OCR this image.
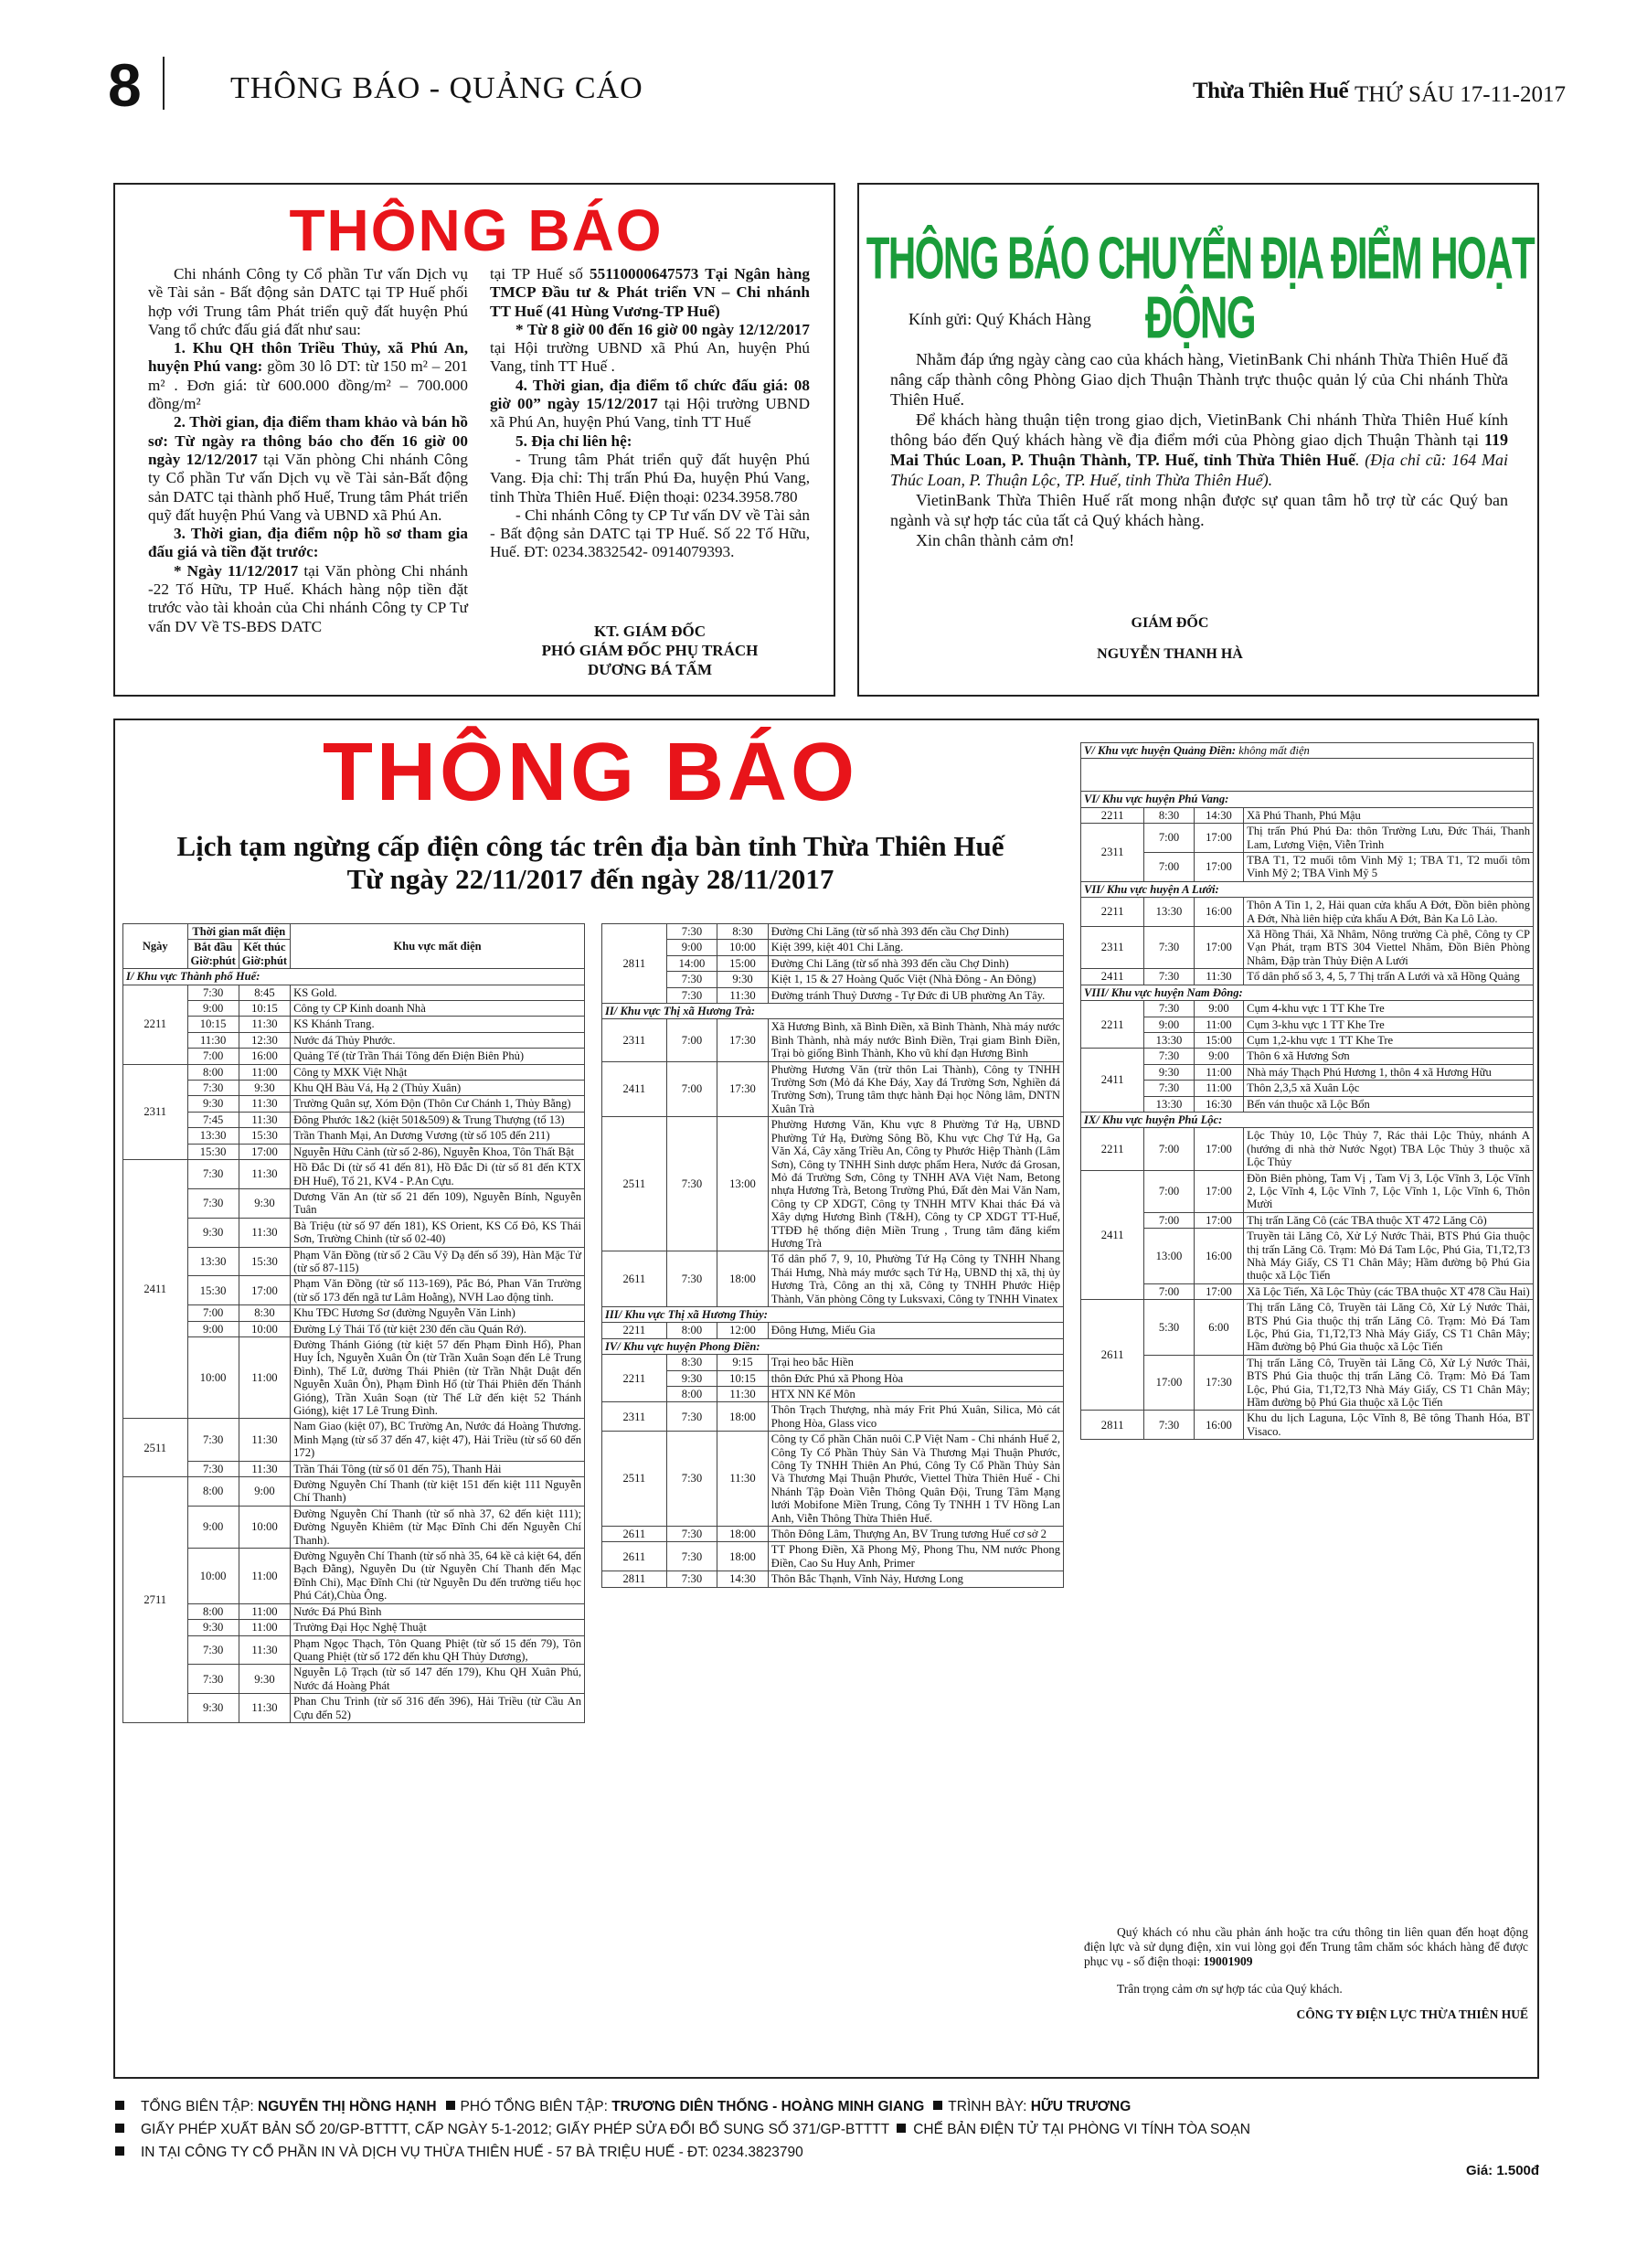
8	THÔNG BÁO - QUẢNG CÁO	Thừa Thiên Huế THỨ SÁU 17-11-2017
THÔNG BÁO

Chi nhánh Công ty Cổ phần Tư vấn Dịch vụ về Tài sản - Bất động sản DATC tại TP Huế phối hợp với Trung tâm Phát triển quỹ đất huyện Phú Vang tổ chức đấu giá đất như sau:

1. Khu QH thôn Triều Thủy, xã Phú An, huyện Phú vang: gồm 30 lô DT: từ 150 m² – 201 m² . Đơn giá: từ 600.000 đồng/m² – 700.000 đồng/m²

2. Thời gian, địa điểm tham khảo và bán hồ sơ: Từ ngày ra thông báo cho đến 16 giờ 00 ngày 12/12/2017 tại Văn phòng Chi nhánh Công ty Cổ phần Tư vấn Dịch vụ về Tài sản-Bất động sản DATC tại thành phố Huế, Trung tâm Phát triển quỹ đất huyện Phú Vang và UBND xã Phú An.

3. Thời gian, địa điểm nộp hồ sơ tham gia đấu giá và tiền đặt trước:

* Ngày 11/12/2017 tại Văn phòng Chi nhánh -22 Tố Hữu, TP Huế. Khách hàng nộp tiền đặt trước vào tài khoản của Chi nhánh Công ty CP Tư vấn DV Về TS-BĐS DATC

tại TP Huế số 55110000647573 Tại Ngân hàng TMCP Đầu tư & Phát triển VN – Chi nhánh TT Huế (41 Hùng Vương-TP Huế)

* Từ 8 giờ 00 đến 16 giờ 00 ngày 12/12/2017 tại Hội trường UBND xã Phú An, huyện Phú Vang, tỉnh TT Huế .

4. Thời gian, địa điểm tổ chức đấu giá: 08 giờ 00” ngày 15/12/2017 tại Hội trường UBND xã Phú An, huyện Phú Vang, tỉnh TT Huế

5. Địa chỉ liên hệ:

- Trung tâm Phát triển quỹ đất huyện Phú Vang. Địa chỉ: Thị trấn Phú Đa, huyện Phú Vang, tỉnh Thừa Thiên Huế. Điện thoại: 0234.3958.780

- Chi nhánh Công ty CP Tư vấn DV về Tài sản - Bất động sản DATC tại TP Huế. Số 22 Tố Hữu, Huế. ĐT: 0234.3832542- 0914079393.

KT. GIÁM ĐỐC
PHÓ GIÁM ĐỐC PHỤ TRÁCH
DƯƠNG BÁ TẤM
THÔNG BÁO CHUYỂN ĐỊA ĐIỂM HOẠT ĐỘNG
Kính gửi: Quý Khách Hàng

Nhằm đáp ứng ngày càng cao của khách hàng, VietinBank Chi nhánh Thừa Thiên Huế đã nâng cấp thành công Phòng Giao dịch Thuận Thành trực thuộc quản lý của Chi nhánh Thừa Thiên Huế.

Để khách hàng thuận tiện trong giao dịch, VietinBank Chi nhánh Thừa Thiên Huế kính thông báo đến Quý khách hàng về địa điểm mới của Phòng giao dịch Thuận Thành tại 119 Mai Thúc Loan, P. Thuận Thành, TP. Huế, tỉnh Thừa Thiên Huế. (Địa chỉ cũ: 164 Mai Thúc Loan, P. Thuận Lộc, TP. Huế, tỉnh Thừa Thiên Huế).

VietinBank Thừa Thiên Huế rất mong nhận được sự quan tâm hỗ trợ từ các Quý ban ngành và sự hợp tác của tất cả Quý khách hàng.

Xin chân thành cảm ơn!

GIÁM ĐỐC
NGUYỄN THANH HÀ
THÔNG BÁO
Lịch tạm ngừng cấp điện công tác trên địa bàn tỉnh Thừa Thiên Huế
Từ ngày 22/11/2017 đến ngày 28/11/2017
Ngày	Thời gian mất điện		Khu vực mất điện
	Bắt đầu Giờ:phút	Kết thúc Giờ:phút	
I/ Khu vực Thành phố Huế:			
2211	7:30	8:45	KS Gold.
	9:00	10:15	Công ty CP Kinh doanh Nhà
	10:15	11:30	KS Khánh Trang.
	11:30	12:30	Nước đá Thủy Phước.
	7:00	16:00	Quảng Tế (từ Trần Thái Tông đến Điện Biên Phủ)
2311	8:00	11:00	Công ty MXK Việt Nhật
	7:30	9:30	Khu QH Bàu Vá, Hạ 2 (Thủy Xuân)
	9:30	11:30	Trường Quân sự, Xóm Độn (Thôn Cư Chánh 1, Thủy Bằng)
	7:45	11:30	Đông Phước 1&2 (kiệt 501&509) & Trung Thượng (tổ 13)
	13:30	15:30	Trần Thanh Mại, An Dương Vương (từ số 105 đến 211)
	15:30	17:00	Nguyễn Hữu Cảnh (từ số 2-86), Nguyễn Khoa, Tôn Thất Bật
2411	7:30	11:30	Hồ Đắc Di (từ số 41 đến 81), Hồ Đắc Di (từ số 81 đến KTX ĐH Huế), Tổ 21, KV4 - P.An Cựu.
	7:30	9:30	Dương Văn An (từ số 21 đến 109), Nguyễn Bính, Nguyễn Tuân
	9:30	11:30	Bà Triệu (từ số 97 đến 181), KS Orient, KS Cố Đô, KS Thái Sơn, Trường Chinh (từ số 02-40)
	13:30	15:30	Phạm Văn Đồng (từ số 2 Cầu Vỹ Dạ đến số 39), Hàn Mặc Tử (từ số 87-115)
	15:30	17:00	Phạm Văn Đồng (từ số 113-169), Pắc Bó, Phan Văn Trường (từ số 173 đến ngã tư Lâm Hoằng), NVH Lao động tỉnh.
	7:00	8:30	Khu TĐC Hương Sơ (đường Nguyễn Văn Linh)
	9:00	10:00	Đường Lý Thái Tổ (từ kiệt 230 đến cầu Quán Rớ).
	10:00	11:00	Đường Thánh Gióng (từ kiệt 57 đến Phạm Đình Hổ), Phan Huy Ích, Nguyễn Xuân Ôn (từ Trần Xuân Soạn đến Lê Trung Đình), Thế Lữ, đường Thái Phiên (từ Trần Nhật Duật đến Nguyễn Xuân Ôn), Phạm Đình Hổ (từ Thái Phiên đến Thánh Gióng), Trần Xuân Soạn (từ Thế Lữ đến kiệt 52 Thánh Gióng), kiệt 17 Lê Trung Đình.
2511	7:30	11:30	Nam Giao (kiệt 07), BC Trường An, Nước đá Hoàng Thương. Minh Mạng (từ số 37 đến 47, kiệt 47), Hải Triều (từ số 60 đến 172)
	7:30	11:30	Trần Thái Tông (từ số 01 đến 75), Thanh Hải
2711	8:00	9:00	Đường Nguyễn Chí Thanh (từ kiệt 151 đến kiệt 111 Nguyễn Chí Thanh)
	9:00	10:00	Đường Nguyễn Chí Thanh (từ số nhà 37, 62 đến kiệt 111); Đường Nguyễn Khiêm (từ Mạc Đĩnh Chi đến Nguyễn Chí Thanh).
	10:00	11:00	Đường Nguyễn Chí Thanh (từ số nhà 35, 64 kề cả kiệt 64, đến Bạch Đằng), Nguyễn Du (từ Nguyễn Chí Thanh đến Mạc Đĩnh Chi), Mạc Đĩnh Chi (từ Nguyễn Du đến trường tiểu học Phú Cát),Chùa Ông.
	8:00	11:00	Nước Đá Phú Bình
	9:30	11:00	Trường Đại Học Nghệ Thuật
	7:30	11:30	Phạm Ngọc Thạch, Tôn Quang Phiệt (từ số 15 đến 79), Tôn Quang Phiệt (từ số 172 đến khu QH Thủy Dương),
	7:30	9:30	Nguyễn Lộ Trạch (từ số 147 đến 179), Khu QH Xuân Phú, Nước đá Hoàng Phát
	9:30	11:30	Phan Chu Trinh (từ số 316 đến 396), Hải Triều (từ Cầu An Cựu đến 52)
2811	7:30	8:30	Đường Chi Lăng (từ số nhà 393 đến cầu Chợ Dinh)
	9:00	10:00	Kiệt 399, kiệt 401 Chi Lăng.
	14:00	15:00	Đường Chi Lăng (từ số nhà 393 đến cầu Chợ Dinh)
	7:30	9:30	Kiệt 1, 15 & 27 Hoàng Quốc Việt (Nhà Đông - An Đông)
	7:30	11:30	Đường tránh Thuỷ Dương - Tự Đức đi UB phường An Tây.
II/ Khu vực Thị xã Hương Trà:			
2311	7:00	17:30	Xã Hương Bình, xã Bình Điền, xã Bình Thành, Nhà máy nước Bình Thành, nhà máy nước Bình Điền, Trại giam Bình Điền, Trại bò giống Bình Thành, Kho vũ khí đạn Hương Bình
2411	7:00	17:30	Phường Hương Văn (trừ thôn Lai Thành), Công ty TNHH Trường Sơn (Mỏ đá Khe Đáy, Xay đá Trường Sơn, Nghiền đá Trường Sơn), Trung tâm thực hành Đại học Nông lâm, DNTN Xuân Trà
2511	7:30	13:00	Phường Hương Văn, Khu vực 8 Phường Tứ Hạ, UBND Phường Tứ Hạ, Đường Sông Bồ, Khu vực Chợ Tứ Hạ, Ga Văn Xá, Cây xăng Triều An, Công ty Phước Hiệp Thành (Lâm Sơn), Công ty TNHH Sinh dược phẩm Hera, Nước đá Grosan, Mỏ đá Trường Sơn, Công ty TNHH AVA Việt Nam, Betong nhựa Hương Trà, Betong Trường Phú, Đất đèn Mai Văn Nam, Công ty CP XDGT, Công ty TNHH MTV Khai thác Đá và Xây dựng Hương Bình (T&H), Công ty CP XDGT TT-Huế, TTĐĐ hệ thống điện Miền Trung , Trung tâm đăng kiểm Hương Trà
2611	7:30	18:00	Tổ dân phố 7, 9, 10, Phường Tứ Hạ Công ty TNHH Nhang Thái Hưng, Nhà máy mước sạch Tứ Hạ, UBND thị xã, thị ủy Hương Trà, Công an thị xã, Công ty TNHH Phước Hiệp Thành, Văn phòng Công ty Luksvaxi, Công ty TNHH Vinatex
III/ Khu vực Thị xã Hương Thủy:			
2211	8:00	12:00	Đông Hưng, Miếu Gia
IV/ Khu vực huyện Phong Điền:			
2211	8:30	9:15	Trại heo bắc Hiền
	9:30	10:15	thôn Đức Phú xã Phong Hòa
	8:00	11:30	HTX NN Kế Môn
2311	7:30	18:00	Thôn Trạch Thượng, nhà máy Frit Phú Xuân, Silica, Mỏ cát Phong Hòa, Glass vico
2511	7:30	11:30	Công ty Cổ phần Chăn nuôi C.P Việt Nam - Chi nhánh Huế 2, Công Ty Cổ Phần Thủy Sản Và Thương Mại Thuận Phước, Công Ty TNHH Thiên An Phú, Công Ty Cổ Phần Thủy Sản Và Thương Mại Thuận Phước, Viettel Thừa Thiên Huế - Chi Nhánh Tập Đoàn Viễn Thông Quân Đội, Trung Tâm Mạng lưới Mobifone Miền Trung, Công Ty TNHH 1 TV Hồng Lan Anh, Viễn Thông Thừa Thiên Huế.
2611	7:30	18:00	Thôn Đông Lâm, Thượng An, BV Trung tương Huế cơ sở 2
2611	7:30	18:00	TT Phong Điền, Xã Phong Mỹ, Phong Thu, NM nước Phong Điền, Cao Su Huy Anh, Primer
2811	7:30	14:30	Thôn Bắc Thạnh, Vĩnh Nảy, Hương Long
V/ Khu vực huyện Quảng Điền: không mất điện			

VI/ Khu vực huyện Phú Vang:			
2211	8:30	14:30	Xã Phú Thanh, Phú Mậu
2311	7:00	17:00	Thị trấn Phú Phú Đa: thôn Trường Lưu, Đức Thái, Thanh Lam, Lương Viện, Viễn Trình
	7:00	17:00	TBA T1, T2 muối tôm Vinh Mỹ 1; TBA T1, T2 muối tôm Vinh Mỹ 2; TBA Vinh Mỹ 5
VII/ Khu vực huyện A Lưới:			
2211	13:30	16:00	Thôn A Tin 1, 2, Hải quan cửa khẩu A Đớt, Đồn biên phòng A Đớt, Nhà liên hiệp cửa khẩu A Đớt, Bản Ka Lô Lào.
2311	7:30	17:00	Xã Hồng Thái, Xã Nhâm, Nông trường Cà phê, Công ty CP Vạn Phát, trạm BTS 304 Viettel Nhâm, Đồn Biên Phòng Nhâm, Đập tràn Thủy Điện A Lưới
2411	7:30	11:30	Tổ dân phố số 3, 4, 5, 7 Thị trấn A Lưới và xã Hồng Quảng
VIII/ Khu vực huyện Nam Đông:			
2211	7:30	9:00	Cụm 4-khu vực 1 TT Khe Tre
	9:00	11:00	Cụm 3-khu vực 1 TT Khe Tre
	13:30	15:00	Cụm 1,2-khu vực 1 TT Khe Tre
2411	7:30	9:00	Thôn 6 xã Hương Sơn
	9:30	11:00	Nhà máy Thạch Phú Hương 1, thôn 4 xã Hương Hữu
	7:30	11:00	Thôn 2,3,5 xã Xuân Lộc
	13:30	16:30	Bến ván thuộc xã Lộc Bổn
IX/ Khu vực huyện Phú Lộc:			
2211	7:00	17:00	Lộc Thủy 10, Lộc Thủy 7, Rác thải Lộc Thủy, nhánh A (hướng đi nhà thờ Nước Ngọt) TBA Lộc Thủy 3 thuộc xã Lộc Thủy
2411	7:00	17:00	Đồn Biên phòng, Tam Vị , Tam Vị 3, Lộc Vĩnh 3, Lộc Vĩnh 2, Lộc Vĩnh 4, Lộc Vĩnh 7, Lộc Vĩnh 1, Lộc Vĩnh 6, Thôn Mười
	7:00	17:00	Thị trấn Lăng Cô (các TBA thuộc XT 472 Lăng Cô)
	13:00	16:00	Truyền tải Lăng Cô, Xử Lý Nước Thải, BTS Phú Gia thuộc thị trấn Lăng Cô. Trạm: Mỏ Đá Tam Lộc, Phú Gia, T1,T2,T3 Nhà Máy Giấy, CS T1 Chân Mây; Hầm đường bộ Phú Gia thuộc xã Lộc Tiến
	7:00	17:00	Xã Lộc Tiến, Xã Lộc Thủy (các TBA thuộc XT 478 Cầu Hai)
2611	5:30	6:00	Thị trấn Lăng Cô, Truyền tải Lăng Cô, Xử Lý Nước Thải, BTS Phú Gia thuộc thị trấn Lăng Cô. Trạm: Mỏ Đá Tam Lộc, Phú Gia, T1,T2,T3 Nhà Máy Giấy, CS T1 Chân Mây; Hầm đường bộ Phú Gia thuộc xã Lộc Tiến
	17:00	17:30	Thị trấn Lăng Cô, Truyền tải Lăng Cô, Xử Lý Nước Thải, BTS Phú Gia thuộc thị trấn Lăng Cô. Trạm: Mỏ Đá Tam Lộc, Phú Gia, T1,T2,T3 Nhà Máy Giấy, CS T1 Chân Mây; Hầm đường bộ Phú Gia thuộc xã Lộc Tiến
2811	7:30	16:00	Khu du lịch Laguna, Lộc Vĩnh 8, Bê tông Thanh Hóa, BT Visaco.

Quý khách có nhu cầu phản ánh hoặc tra cứu thông tin liên quan đến hoạt động điện lực và sử dụng điện, xin vui lòng gọi đến Trung tâm chăm sóc khách hàng để được phục vụ - số điện thoại: 19001909

Trân trọng cảm ơn sự hợp tác của Quý khách.

CÔNG TY ĐIỆN LỰC THỪA THIÊN HUẾ
TỔNG BIÊN TẬP: NGUYỄN THỊ HỒNG HẠNH PHÓ TỔNG BIÊN TẬP: TRƯƠNG DIÊN THỐNG - HOÀNG MINH GIANG TRÌNH BÀY: HỮU TRƯƠNG
GIẤY PHÉP XUẤT BẢN SỐ 20/GP-BTTTT, CẤP NGÀY 5-1-2012; GIẤY PHÉP SỬA ĐỔI BỔ SUNG SỐ 371/GP-BTTTT CHẾ BẢN ĐIỆN TỬ TẠI PHÒNG VI TÍNH TÒA SOẠN
IN TẠI CÔNG TY CỔ PHẦN IN VÀ DỊCH VỤ THỪA THIÊN HUẾ - 57 BÀ TRIỆU HUẾ - ĐT: 0234.3823790
Giá: 1.500đ
